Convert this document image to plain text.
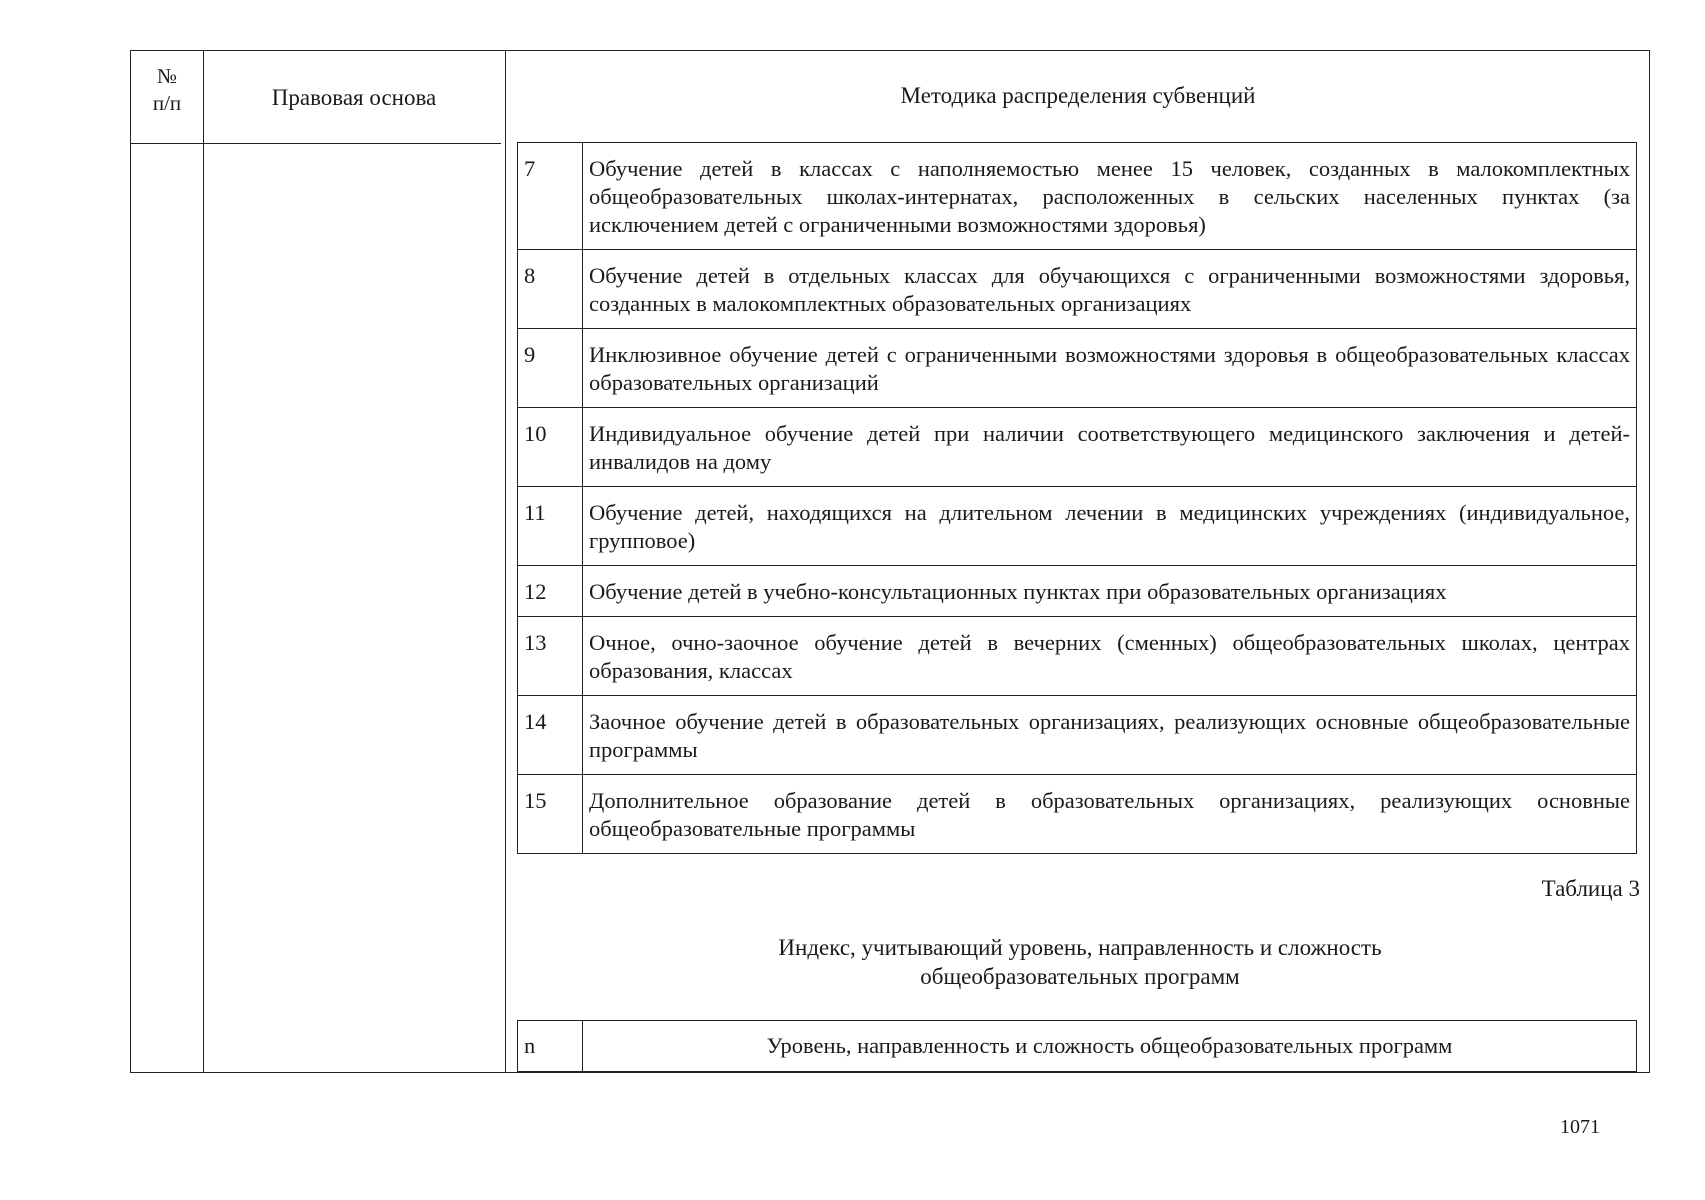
№
п/п	Правовая основа	Методика распределения субвенций
7	Обучение детей в классах с наполняемостью менее 15 человек, созданных в малокомплектных общеобразовательных школах-интернатах, расположенных в сельских населенных пунктах (за исключением детей с ограниченными возможностями здоровья)
8	Обучение детей в отдельных классах для обучающихся с ограниченными возможностями здоровья, созданных в малокомплектных образовательных организациях
9	Инклюзивное обучение детей с ограниченными возможностями здоровья в общеобразовательных классах образовательных организаций
10	Индивидуальное обучение детей при наличии соответствующего медицинского заключения и детей-инвалидов на дому
11	Обучение детей, находящихся на длительном лечении в медицинских учреждениях (индивидуальное, групповое)
12	Обучение детей в учебно-консультационных пунктах при образовательных организациях
13	Очное, очно-заочное обучение детей в вечерних (сменных) общеобразовательных школах, центрах образования, классах
14	Заочное обучение детей в образовательных организациях, реализующих основные общеобразовательные программы
15	Дополнительное образование детей в образовательных организациях, реализующих основные общеобразовательные программы
Таблица 3
Индекс, учитывающий уровень, направленность и сложность
общеобразовательных программ
n	Уровень, направленность и сложность общеобразовательных программ
1071
